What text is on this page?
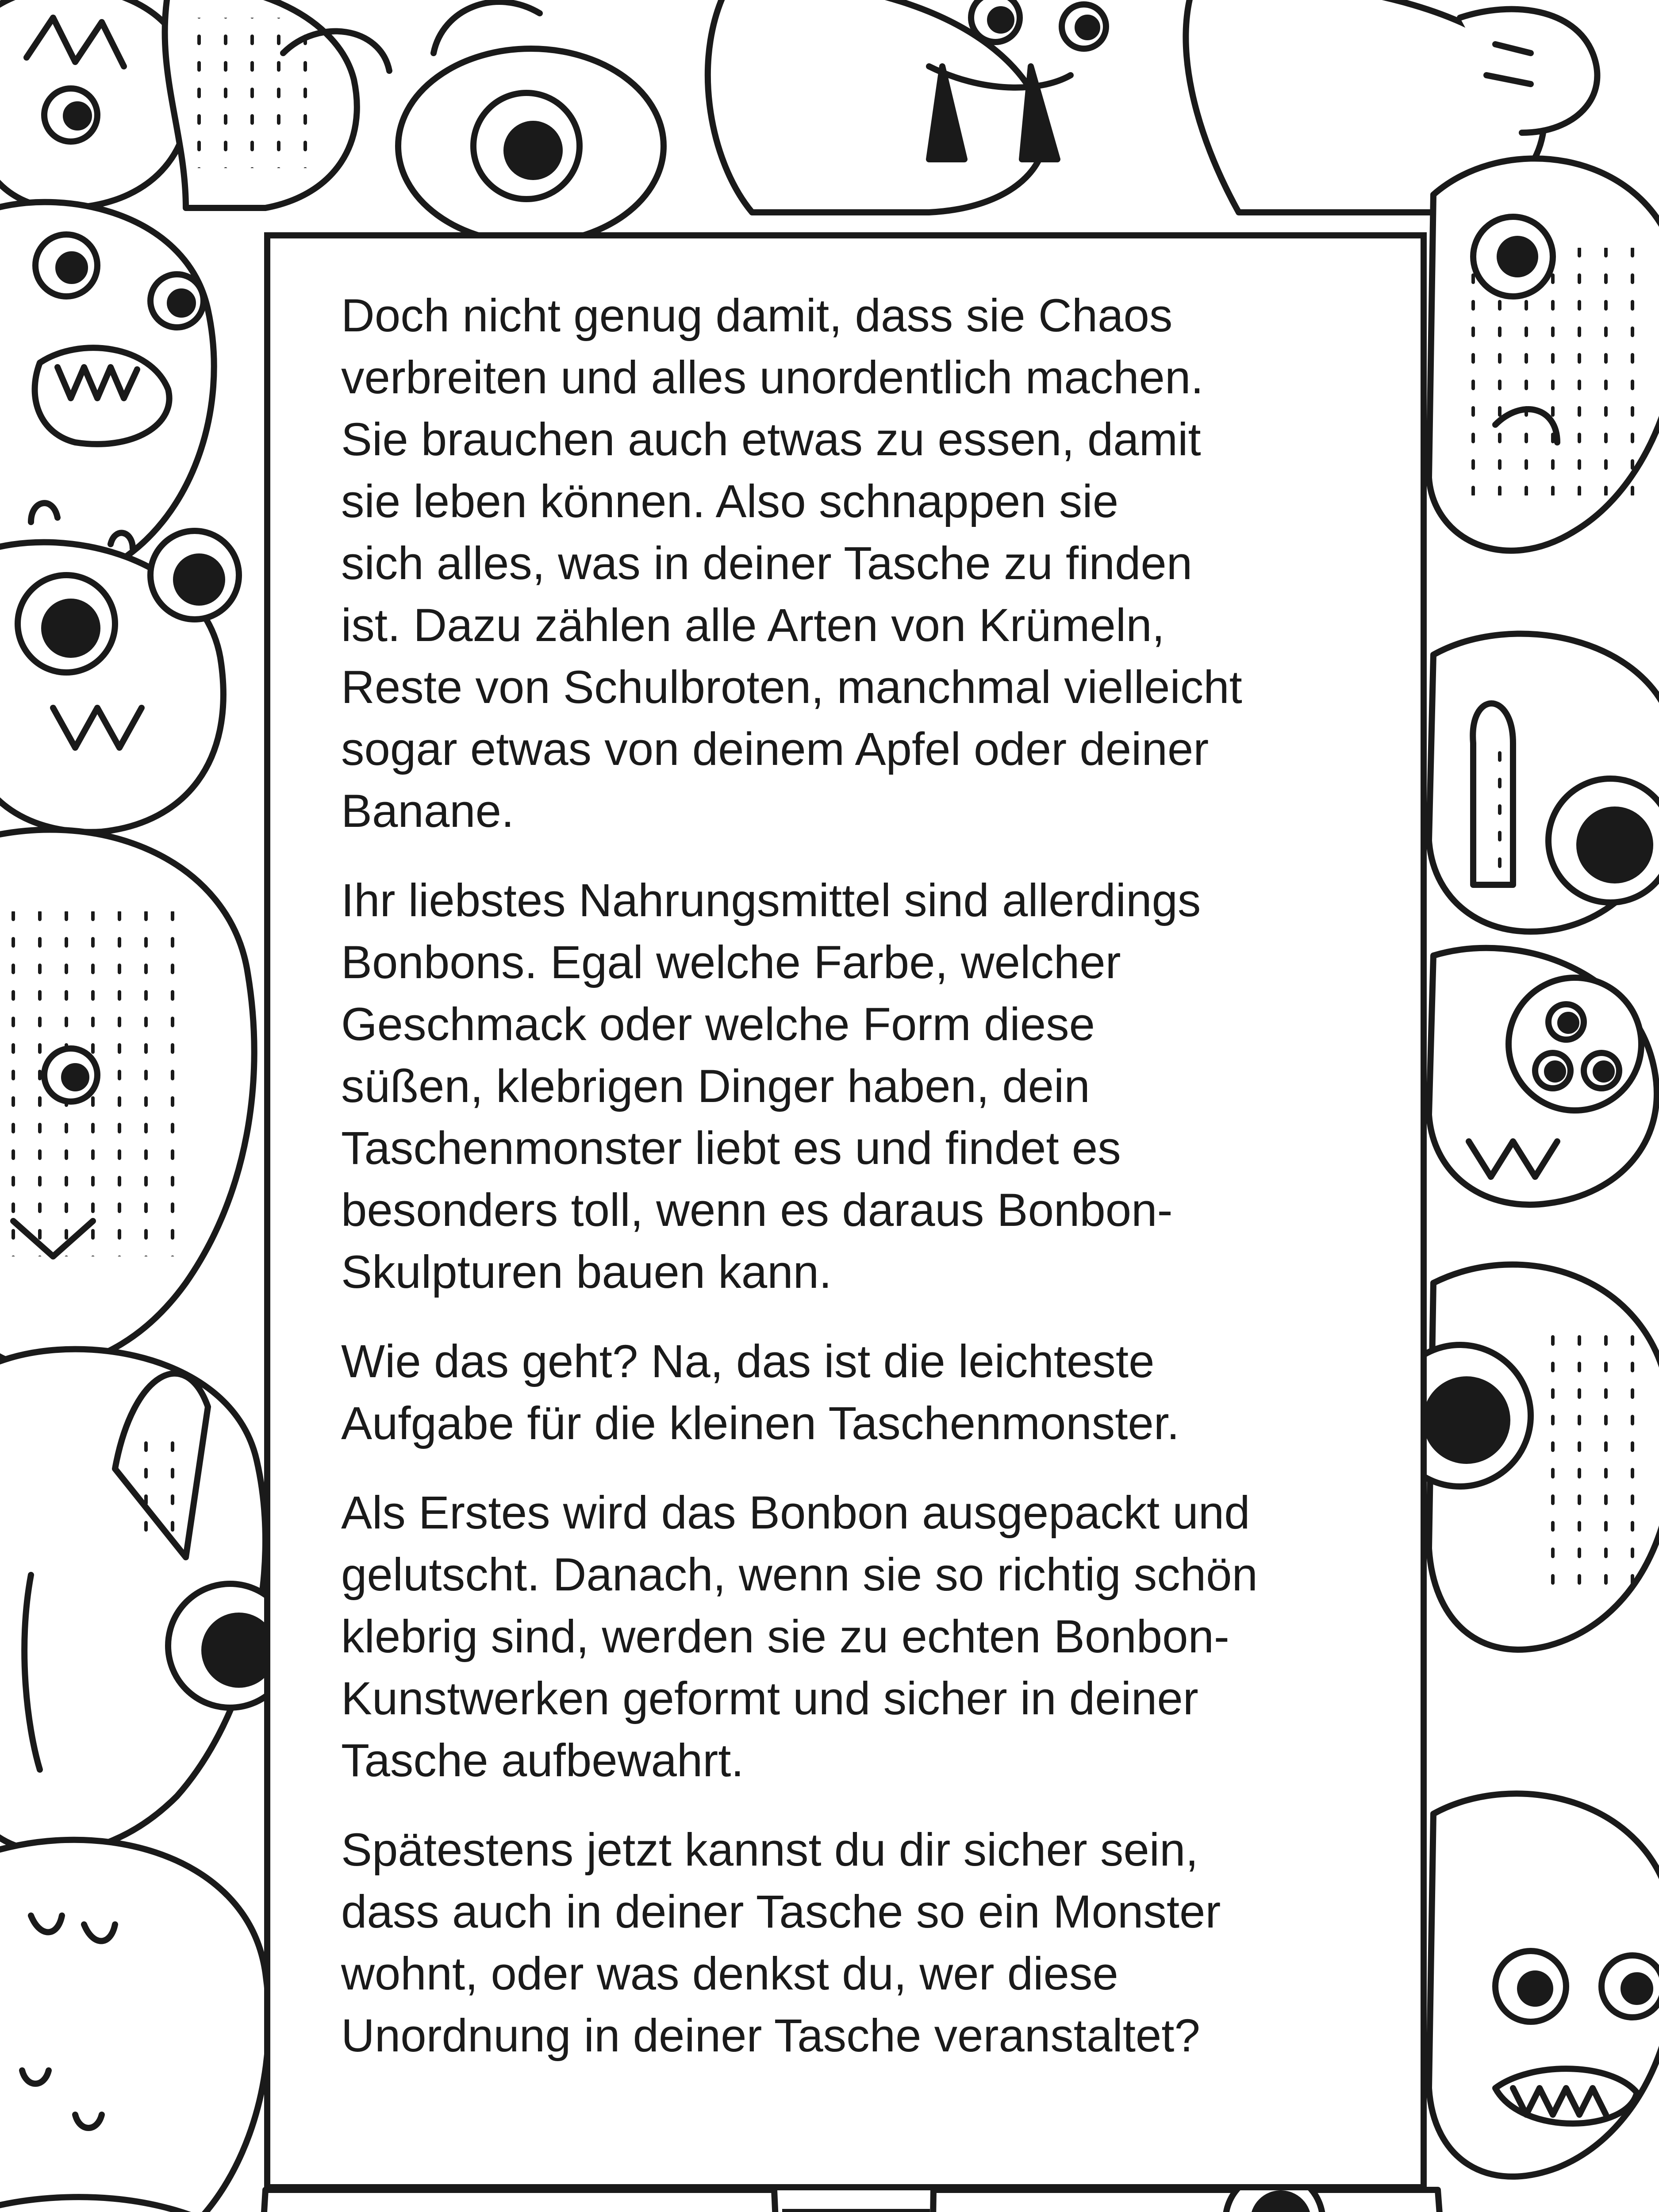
Doch nicht genug damit, dass sie Chaos
verbreiten und alles unordentlich machen.
Sie brauchen auch etwas zu essen, damit
sie leben können. Also schnappen sie
sich alles, was in deiner Tasche zu finden
ist. Dazu zählen alle Arten von Krümeln,
Reste von Schulbroten, manchmal vielleicht
sogar etwas von deinem Apfel oder deiner
Banane.

Ihr liebstes Nahrungsmittel sind allerdings
Bonbons. Egal welche Farbe, welcher
Geschmack oder welche Form diese
süßen, klebrigen Dinger haben, dein
Taschenmonster liebt es und findet es
besonders toll, wenn es daraus Bonbon-
Skulpturen bauen kann.

Wie das geht? Na, das ist die leichteste
Aufgabe für die kleinen Taschenmonster.

Als Erstes wird das Bonbon ausgepackt und
gelutscht. Danach, wenn sie so richtig schön
klebrig sind, werden sie zu echten Bonbon-
Kunstwerken geformt und sicher in deiner
Tasche aufbewahrt.

Spätestens jetzt kannst du dir sicher sein,
dass auch in deiner Tasche so ein Monster
wohnt, oder was denkst du, wer diese
Unordnung in deiner Tasche veranstaltet?
